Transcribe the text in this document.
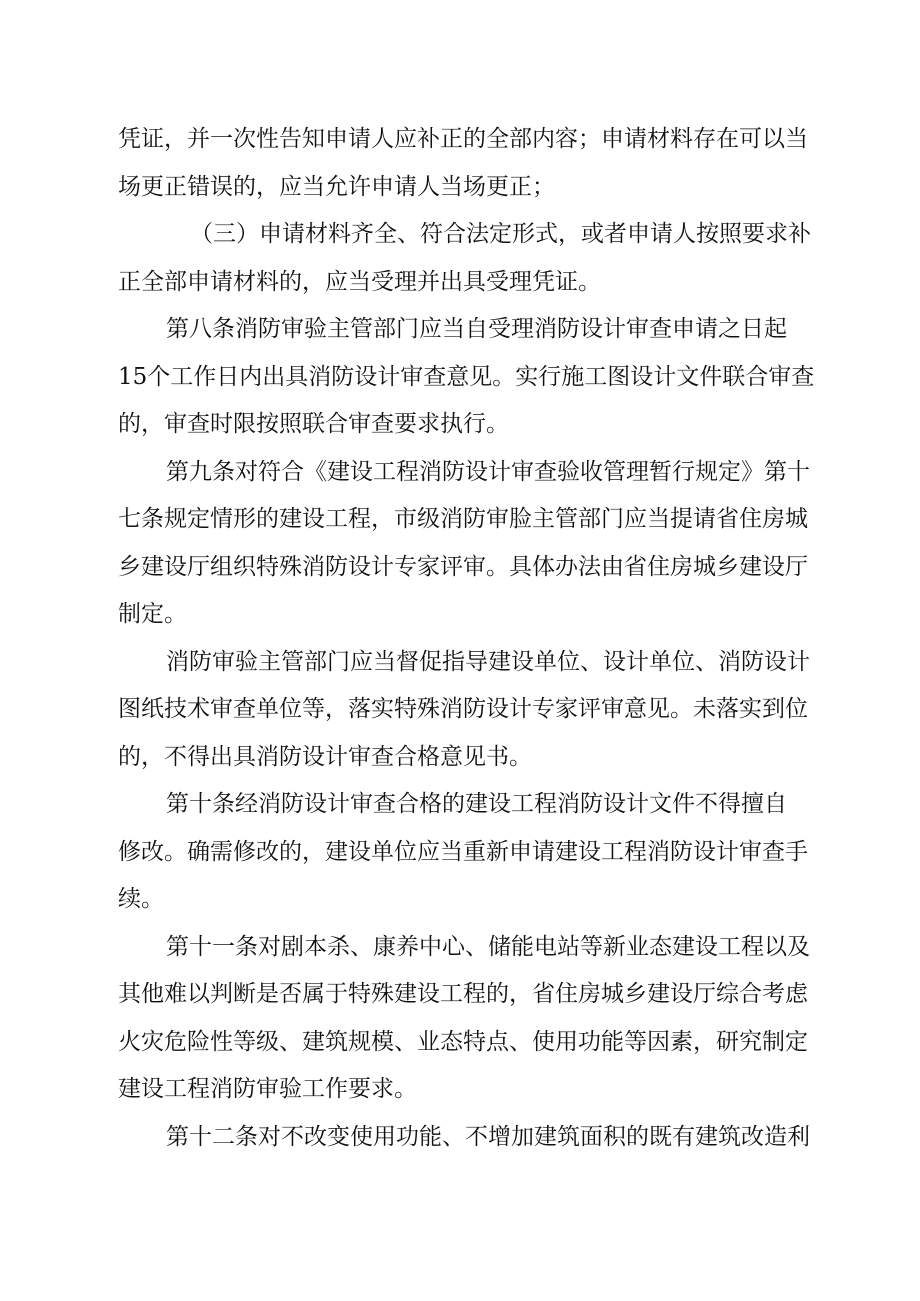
凭证，并一次性告知申请人应补正的全部内容；申请材料存在可以当
场更正错误的，应当允许申请人当场更正；

（三）申请材料齐全、符合法定形式，或者申请人按照要求补
正全部申请材料的，应当受理并出具受理凭证。

第八条消防审验主管部门应当自受理消防设计审查申请之日起
15个工作日内出具消防设计审查意见。实行施工图设计文件联合审查
的，审查时限按照联合审查要求执行。

第九条对符合《建设工程消防设计审查验收管理暂行规定》第十
七条规定情形的建设工程，市级消防审脸主管部门应当提请省住房城
乡建设厅组织特殊消防设计专家评审。具体办法由省住房城乡建设厅
制定。

消防审验主管部门应当督促指导建设单位、设计单位、消防设计
图纸技术审查单位等，落实特殊消防设计专家评审意见。未落实到位
的，不得出具消防设计审查合格意见书。

第十条经消防设计审查合格的建设工程消防设计文件不得擅自
修改。确需修改的，建设单位应当重新申请建设工程消防设计审查手
续。

第十一条对剧本杀、康养中心、储能电站等新业态建设工程以及
其他难以判断是否属于特殊建设工程的，省住房城乡建设厅综合考虑
火灾危险性等级、建筑规模、业态特点、使用功能等因素，研究制定
建设工程消防审验工作要求。

第十二条对不改变使用功能、不增加建筑面积的既有建筑改造利
